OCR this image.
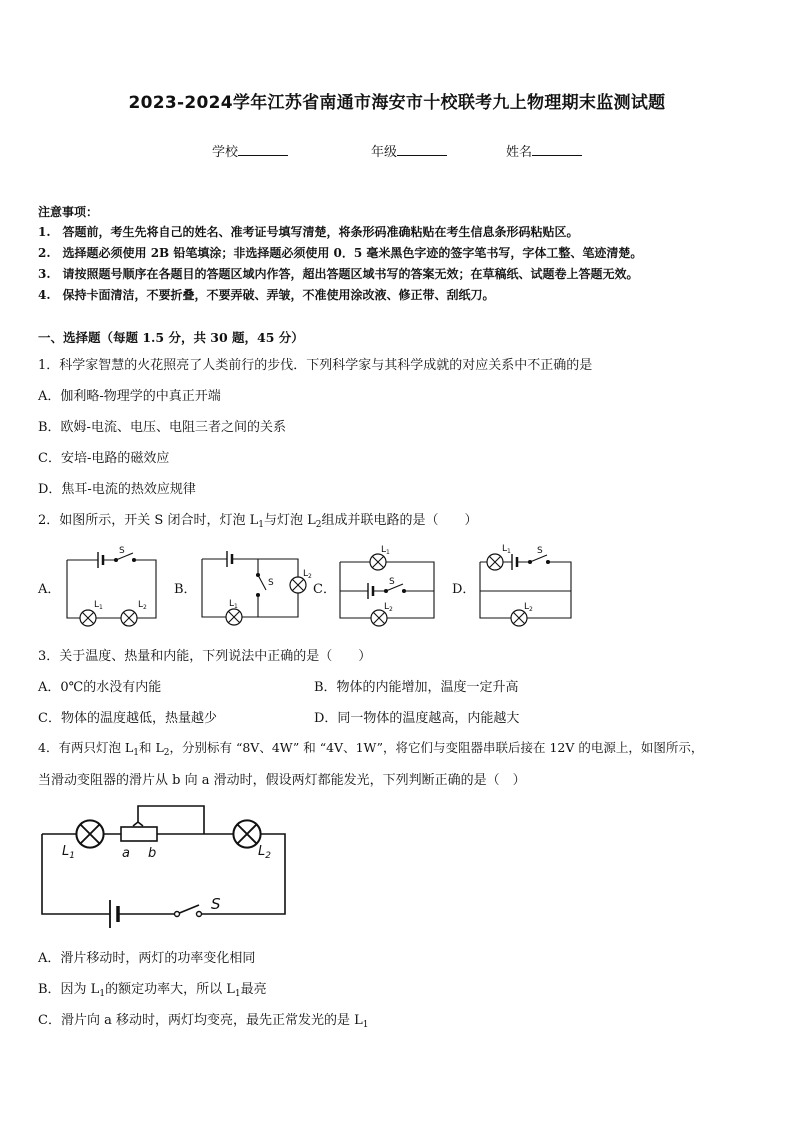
2023-2024学年江苏省南通市海安市十校联考九上物理期末监测试题
学校	年级	姓名
注意事项：
1.　答题前，考生先将自己的姓名、准考证号填写清楚，将条形码准确粘贴在考生信息条形码粘贴区。
2.　选择题必须使用 2B 铅笔填涂；非选择题必须使用 0．5 毫米黑色字迹的签字笔书写，字体工整、笔迹清楚。
3.　请按照题号顺序在各题目的答题区域内作答，超出答题区域书写的答案无效；在草稿纸、试题卷上答题无效。
4.　保持卡面清洁，不要折叠，不要弄破、弄皱，不准使用涂改液、修正带、刮纸刀。
一、选择题（每题 1.5 分，共 30 题，45 分）
1．科学家智慧的火花照亮了人类前行的步伐．下列科学家与其科学成就的对应关系中不正确的是
A．伽利略-物理学的中真正开端
B．欧姆-电流、电压、电阻三者之间的关系
C．安培-电路的磁效应
D．焦耳-电流的热效应规律
2．如图所示，开关 S 闭合时，灯泡 $L_1$与灯泡 $L_2$组成并联电路的是（　　）
A．	B．	C．	D．
S
$L_1$	$L_2$
S
$L_1$
$L_2$
$L_1$
S
$L_2$
$L_1$	S
$L_2$
$L_1$	$L_2$
a b
S
3．关于温度、热量和内能，下列说法中正确的是（　　）
A．0℃的水没有内能	B．物体的内能增加，温度一定升高
C．物体的温度越低，热量越少	D．同一物体的温度越高，内能越大
4．有两只灯泡 $L_1$和 $L_2$，分别标有 “8V、4W” 和 “4V、1W”，将它们与变阻器串联后接在 12V 的电源上，如图所示，
当滑动变阻器的滑片从 b 向 a 滑动时，假设两灯都能发光，下列判断正确的是（　）
A．滑片移动时，两灯的功率变化相同
B．因为 $L_1$的额定功率大，所以 $L_1$最亮
C．滑片向 a 移动时，两灯均变亮，最先正常发光的是 $L_1$
